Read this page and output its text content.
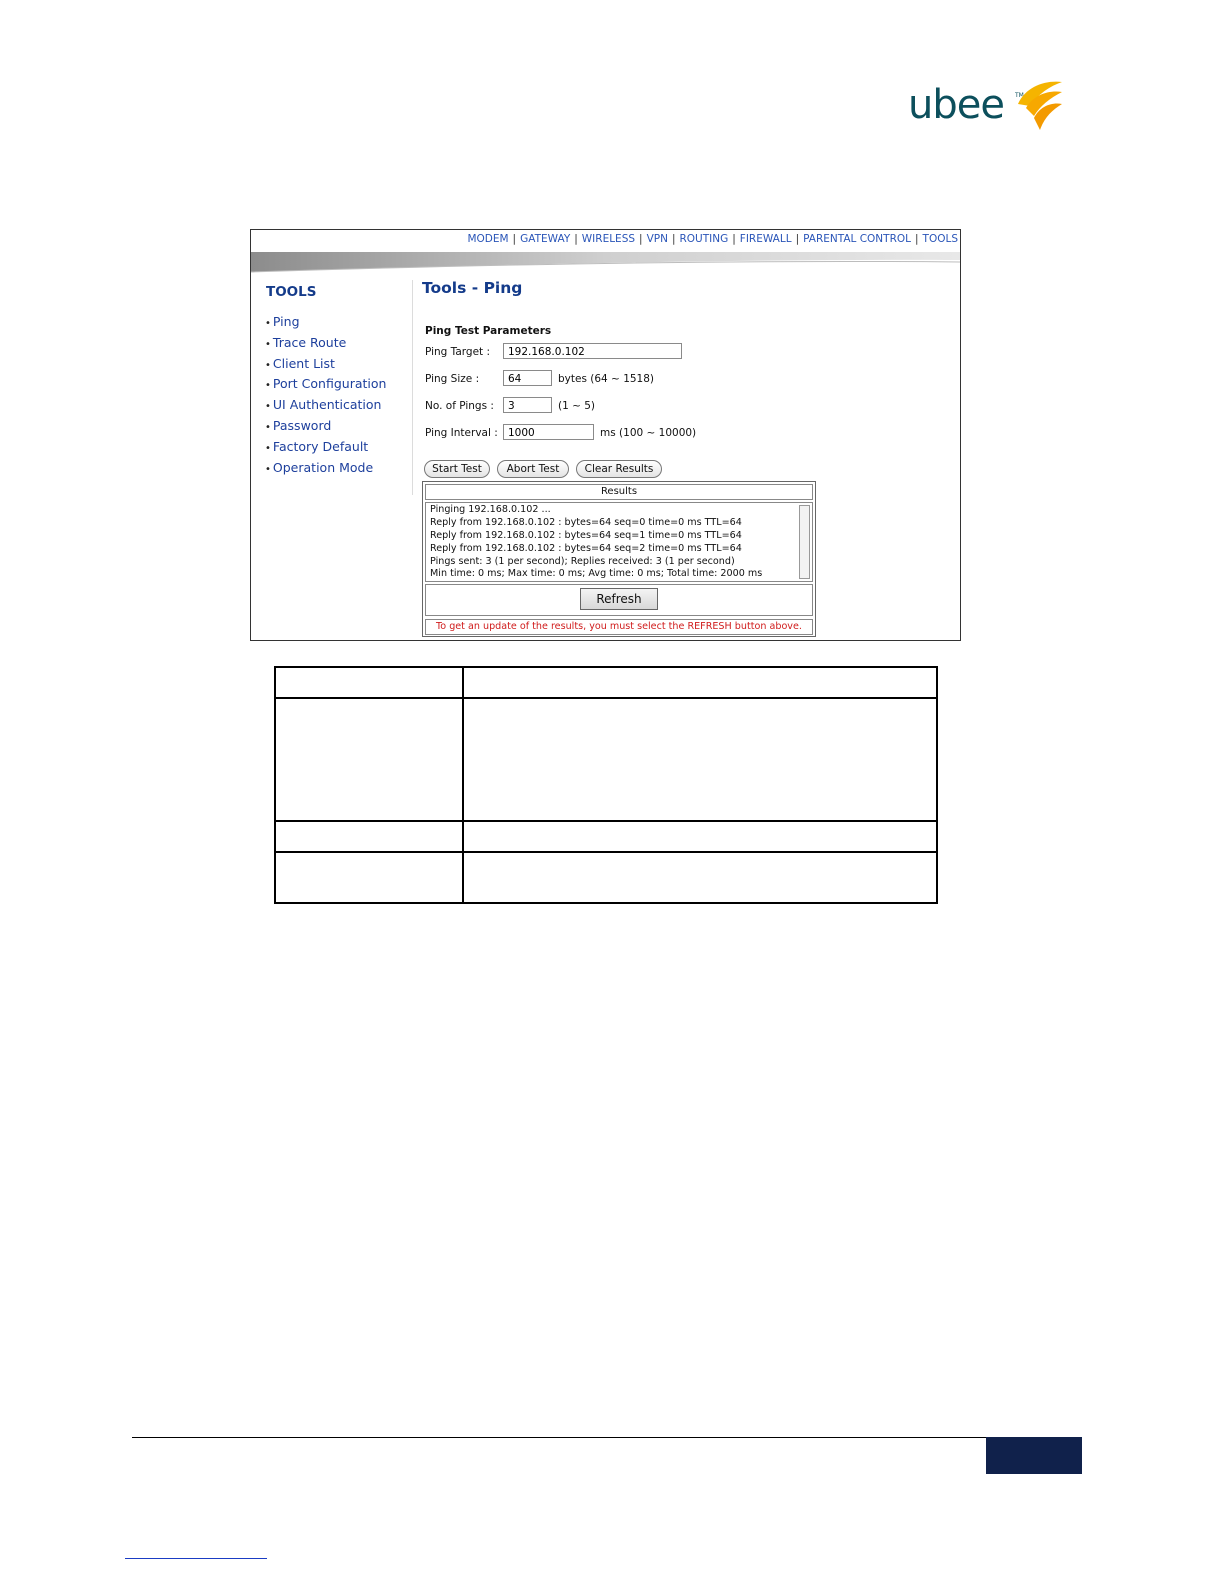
ubee TM
MODEM | GATEWAY | WIRELESS | VPN | ROUTING | FIREWALL | PARENTAL CONTROL | TOOLS
TOOLS
• Ping
• Trace Route
• Client List
• Port Configuration
• UI Authentication
• Password
• Factory Default
• Operation Mode
Tools - Ping
Ping Test Parameters
Ping Target :	192.168.0.102
Ping Size :	64	bytes (64 ~ 1518)
No. of Pings :	3	(1 ~ 5)
Ping Interval : 1000	ms (100 ~ 10000)
Start Test	Abort Test	Clear Results
Results
Pinging 192.168.0.102 ...
Reply from 192.168.0.102 : bytes=64 seq=0 time=0 ms TTL=64
Reply from 192.168.0.102 : bytes=64 seq=1 time=0 ms TTL=64
Reply from 192.168.0.102 : bytes=64 seq=2 time=0 ms TTL=64
Pings sent: 3 (1 per second); Replies received: 3 (1 per second)
Min time: 0 ms; Max time: 0 ms; Avg time: 0 ms; Total time: 2000 ms
Refresh
To get an update of the results, you must select the REFRESH button above.
